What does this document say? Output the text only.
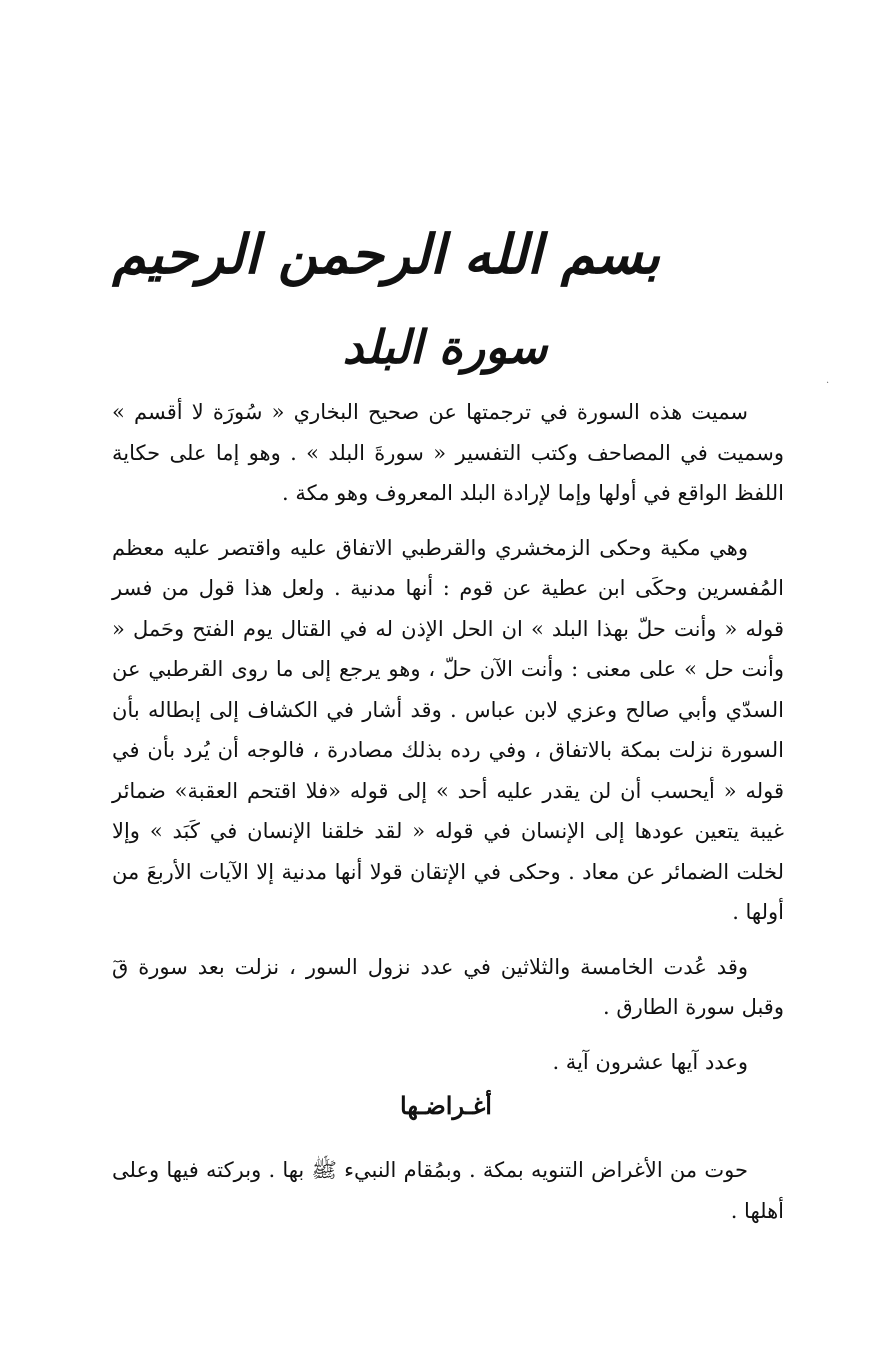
بسم الله الرحمن الرحيم
سورة البلد
·

سميت هذه السورة في ترجمتها عن صحيح البخاري « سُورَة لا أقسم » وسميت في المصاحف وكتب التفسير « سورةَ البلد » . وهو إما على حكاية اللفظ الواقع في أولها وإما لإرادة البلد المعروف وهو مكة .

وهي مكية وحكى الزمخشري والقرطبي الاتفاق عليه واقتصر عليه معظم المُفسرين وحكَى ابن عطية عن قوم : أنها مدنية . ولعل هذا قول من فسر قوله « وأنت حلّ بهذا البلد » ان الحل الإذن له في القتال يوم الفتح وحَمل « وأنت حل » على معنى : وأنت الآن حلّ ، وهو يرجع إلى ما روى القرطبي عن السدّي وأبي صالح وعزي لابن عباس . وقد أشار في الكشاف إلى إبطاله بأن السورة نزلت بمكة بالاتفاق ، وفي رده بذلك مصادرة ، فالوجه أن يُرد بأن في قوله « أيحسب أن لن يقدر عليه أحد » إلى قوله «فلا اقتحم العقبة» ضمائر غيبة يتعين عودها إلى الإنسان في قوله « لقد خلقنا الإنسان في كَبَد » وإلا لخلت الضمائر عن معاد . وحكى في الإتقان قولا أنها مدنية إلا الآيات الأربعَ من أولها .

وقد عُدت الخامسة والثلاثين في عدد نزول السور ، نزلت بعد سورة قٓ وقبل سورة الطارق .

وعدد آيها عشرون آية .

أغـراضـها

حوت من الأغراض التنويه بمكة . وبمُقام النبيء ﷺ بها . وبركته فيها وعلى أهلها .
